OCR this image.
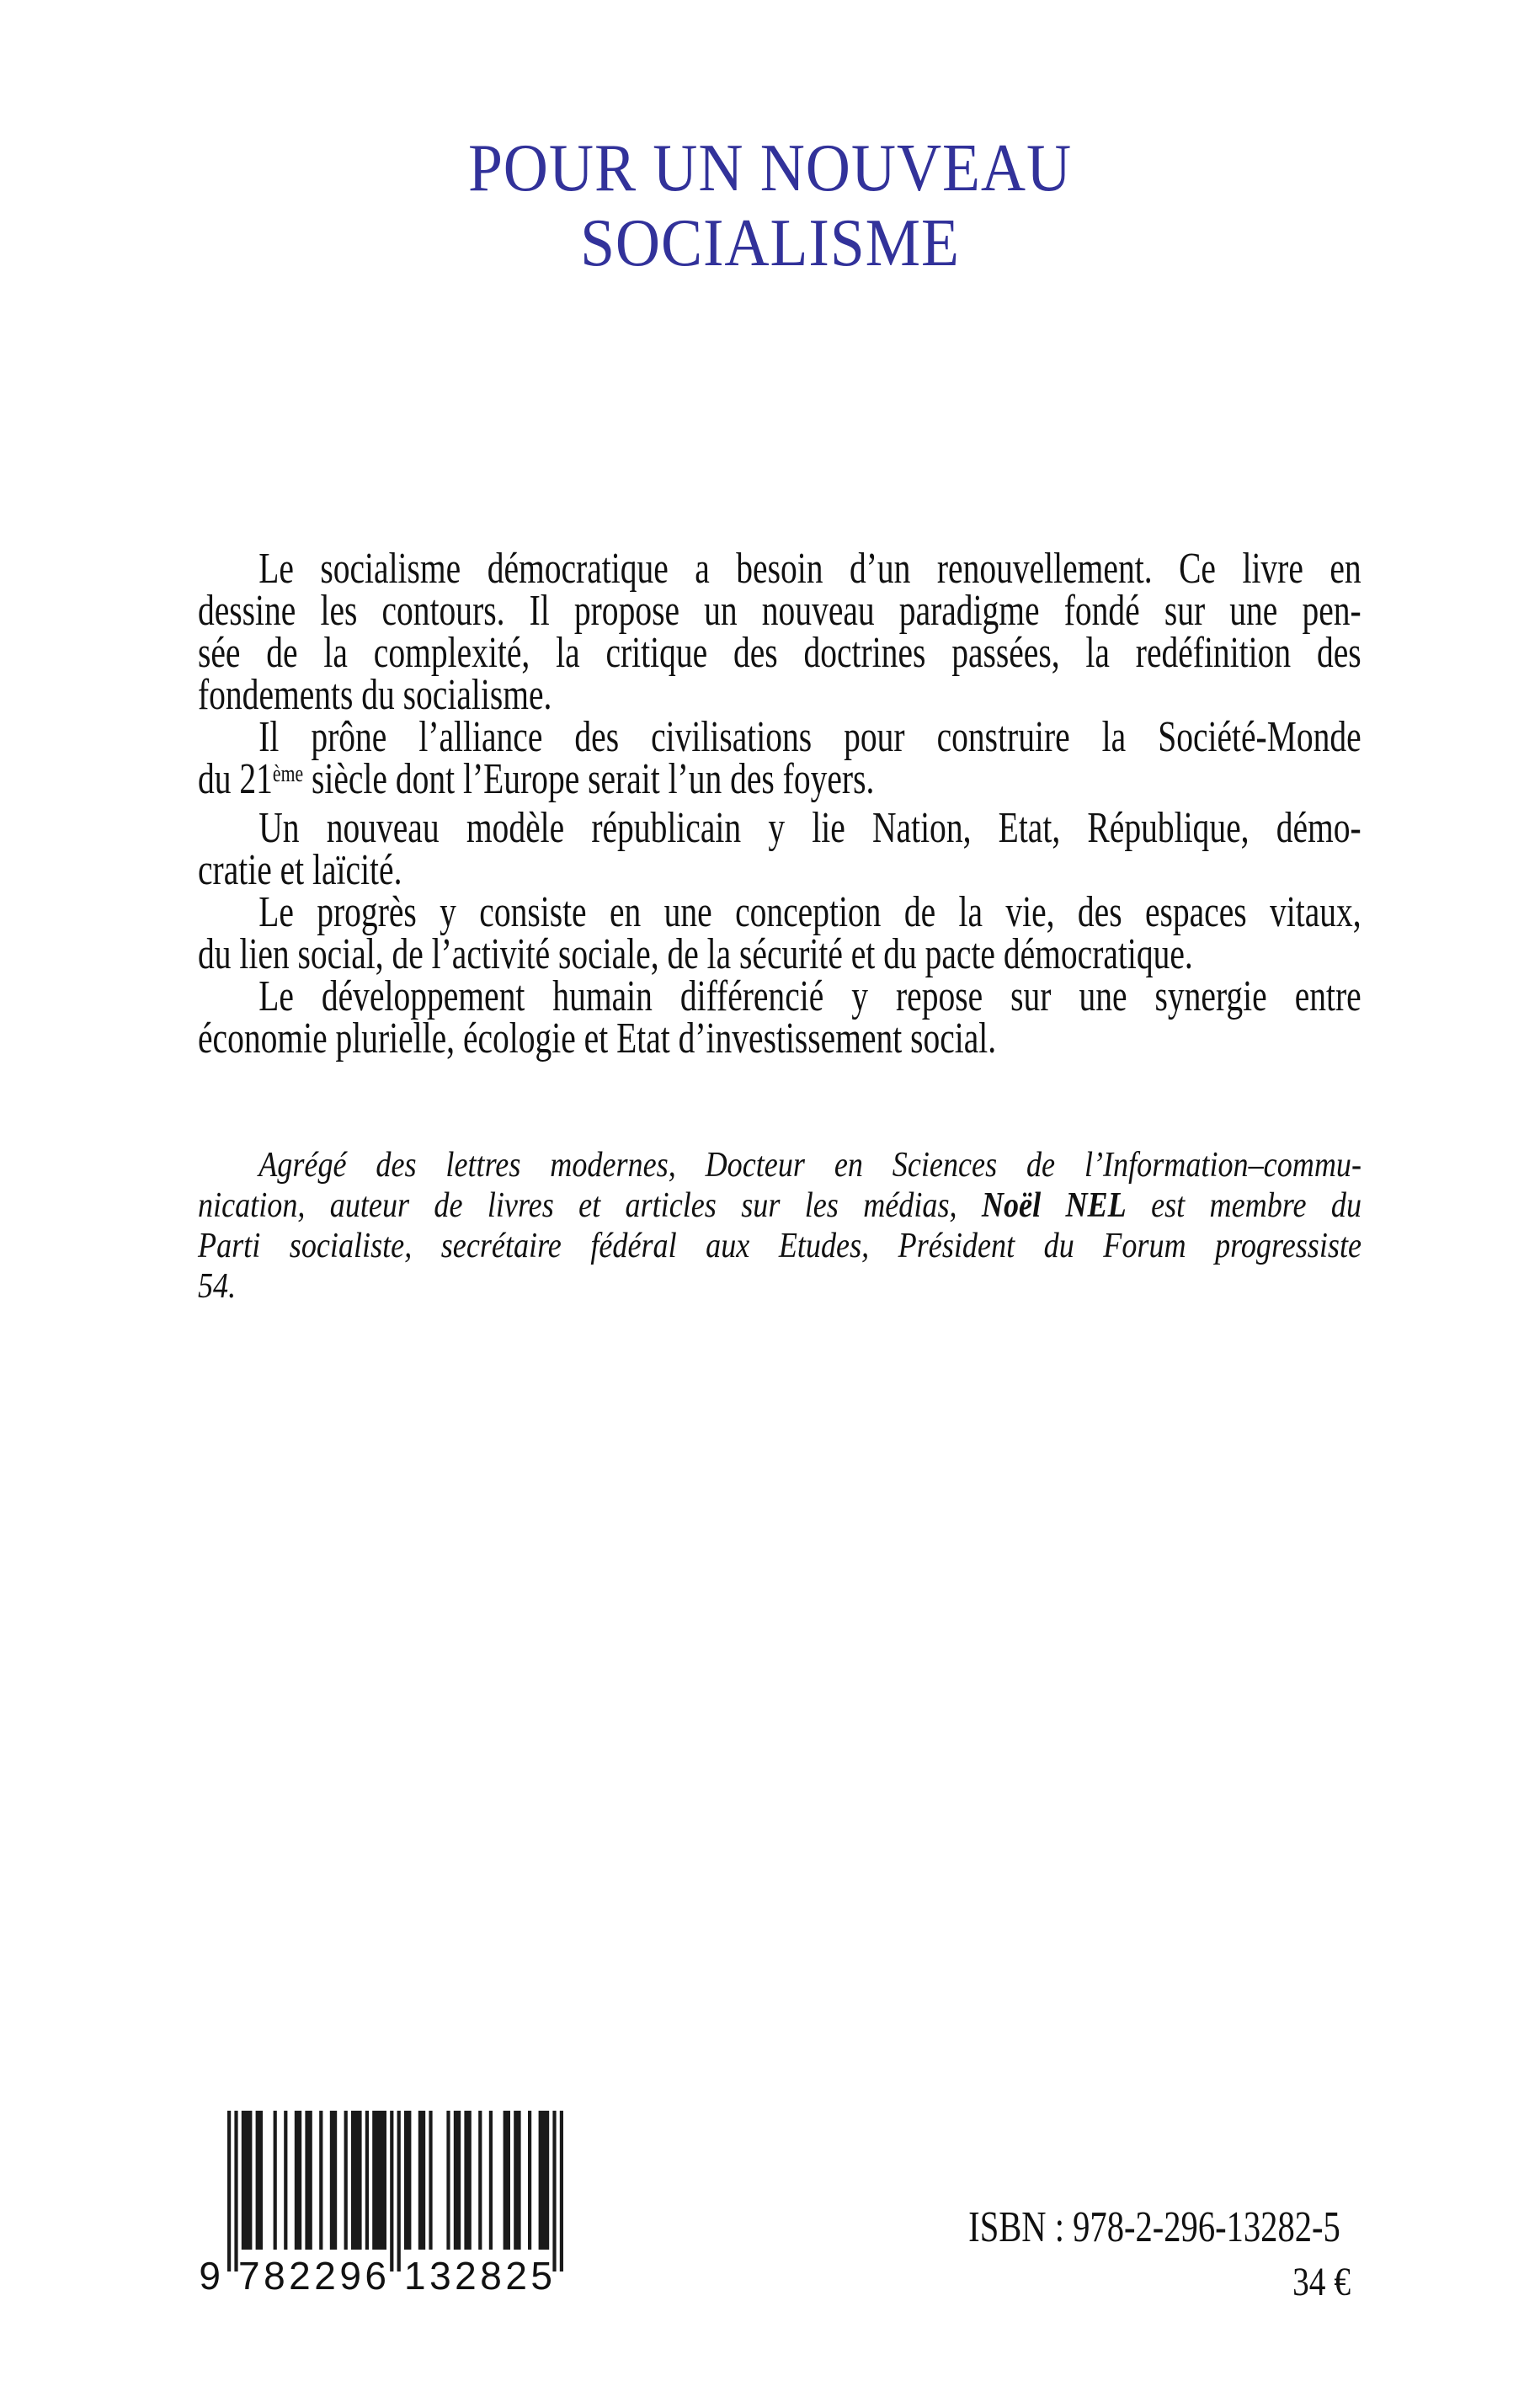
POUR UN NOUVEAU
SOCIALISME
Le socialisme démocratique a besoin d’un renouvellement. Ce livre en
dessine les contours. Il propose un nouveau paradigme fondé sur une pen-
sée de la complexité, la critique des doctrines passées, la redéfinition des
fondements du socialisme.
Il prône l’alliance des civilisations pour construire la Société-Monde
du 21ème siècle dont l’Europe serait l’un des foyers.
Un nouveau modèle républicain y lie Nation, Etat, République, démo-
cratie et laïcité.
Le progrès y consiste en une conception de la vie, des espaces vitaux,
du lien social, de l’activité sociale, de la sécurité et du pacte démocratique.
Le développement humain différencié y repose sur une synergie entre
économie plurielle, écologie et Etat d’investissement social.
Agrégé des lettres modernes, Docteur en Sciences de l’Information–commu-
nication, auteur de livres et articles sur les médias, Noël NEL est membre du
Parti socialiste, secrétaire fédéral aux Etudes, Président du Forum progressiste
54.
9 7 8 2 2 9 6 1 3 2 8 2 5
ISBN : 978-2-296-13282-5
34 €
